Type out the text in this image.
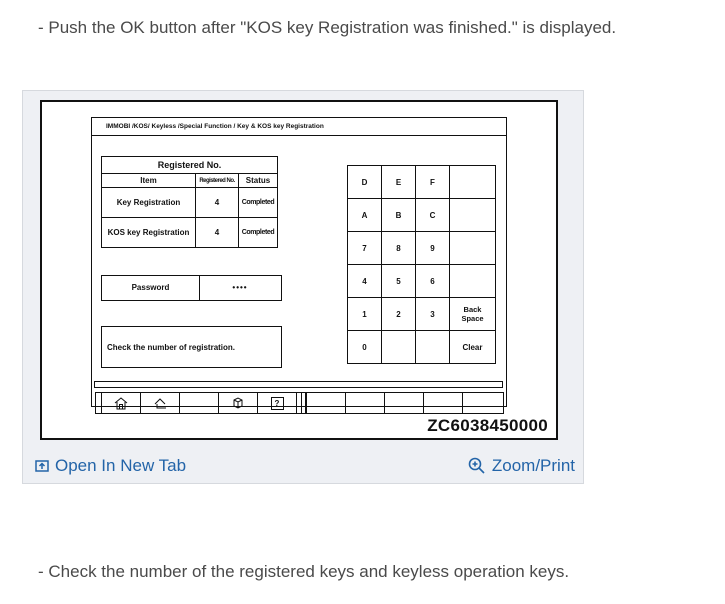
- Push the OK button after "KOS key Registration was finished." is displayed.
IMMOBI /KOS/ Keyless /Special Function / Key & KOS key Registration
Registered No.		
Item	Registered No.	Status
Key Registration	4	Completed
KOS key Registration	4	Completed
Password	••••
Check the number of registration.
D	E	F	
A	B	C	
7	8	9	
4	5	6	
1	2	3	Back Space
0			Clear
?
ZC6038450000
Open In New Tab	Zoom/Print
- Check the number of the registered keys and keyless operation keys.
